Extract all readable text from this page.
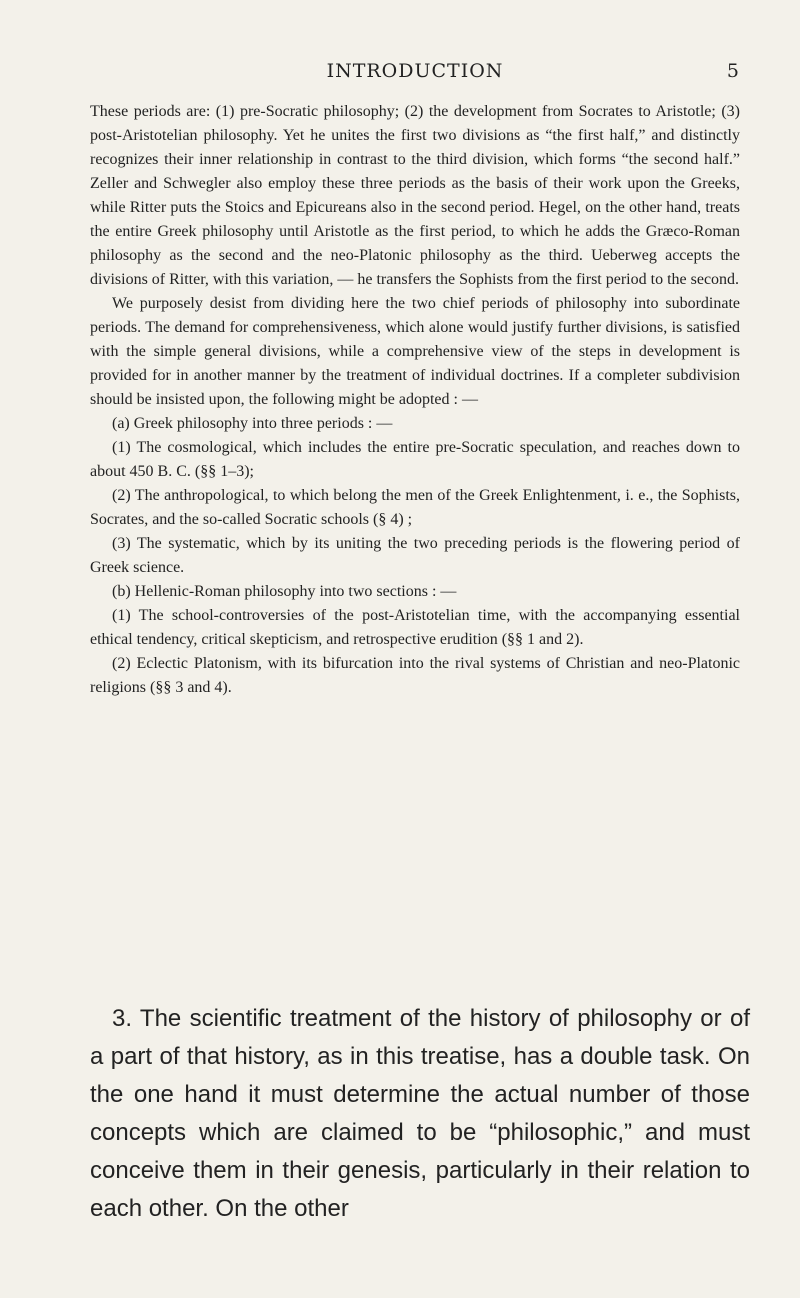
INTRODUCTION	5

These periods are: (1) pre-Socratic philosophy; (2) the development from Socrates to Aristotle; (3) post-Aristotelian philosophy. Yet he unites the first two divisions as “the first half,” and distinctly recognizes their inner relationship in contrast to the third division, which forms “the second half.” Zeller and Schwegler also employ these three periods as the basis of their work upon the Greeks, while Ritter puts the Stoics and Epicureans also in the second period. Hegel, on the other hand, treats the entire Greek philosophy until Aristotle as the first period, to which he adds the Græco-Roman philosophy as the second and the neo-Platonic philosophy as the third. Ueberweg accepts the divisions of Ritter, with this variation, — he transfers the Sophists from the first period to the second.

We purposely desist from dividing here the two chief periods of philosophy into subordinate periods. The demand for comprehensiveness, which alone would justify further divisions, is satisfied with the simple general divisions, while a comprehensive view of the steps in development is provided for in another manner by the treatment of individual doctrines. If a completer subdivision should be insisted upon, the following might be adopted : —

(a) Greek philosophy into three periods : —

(1) The cosmological, which includes the entire pre-Socratic speculation, and reaches down to about 450 B. C. (§§ 1–3);

(2) The anthropological, to which belong the men of the Greek Enlightenment, i. e., the Sophists, Socrates, and the so-called Socratic schools (§ 4) ;

(3) The systematic, which by its uniting the two preceding periods is the flowering period of Greek science.

(b) Hellenic-Roman philosophy into two sections : —

(1) The school-controversies of the post-Aristotelian time, with the accompanying essential ethical tendency, critical skepticism, and retrospective erudition (§§ 1 and 2).

(2) Eclectic Platonism, with its bifurcation into the rival systems of Christian and neo-Platonic religions (§§ 3 and 4).

3. The scientific treatment of the history of philosophy or of a part of that history, as in this treatise, has a double task. On the one hand it must determine the actual number of those concepts which are claimed to be “philosophic,” and must conceive them in their genesis, particularly in their relation to each other. On the other
